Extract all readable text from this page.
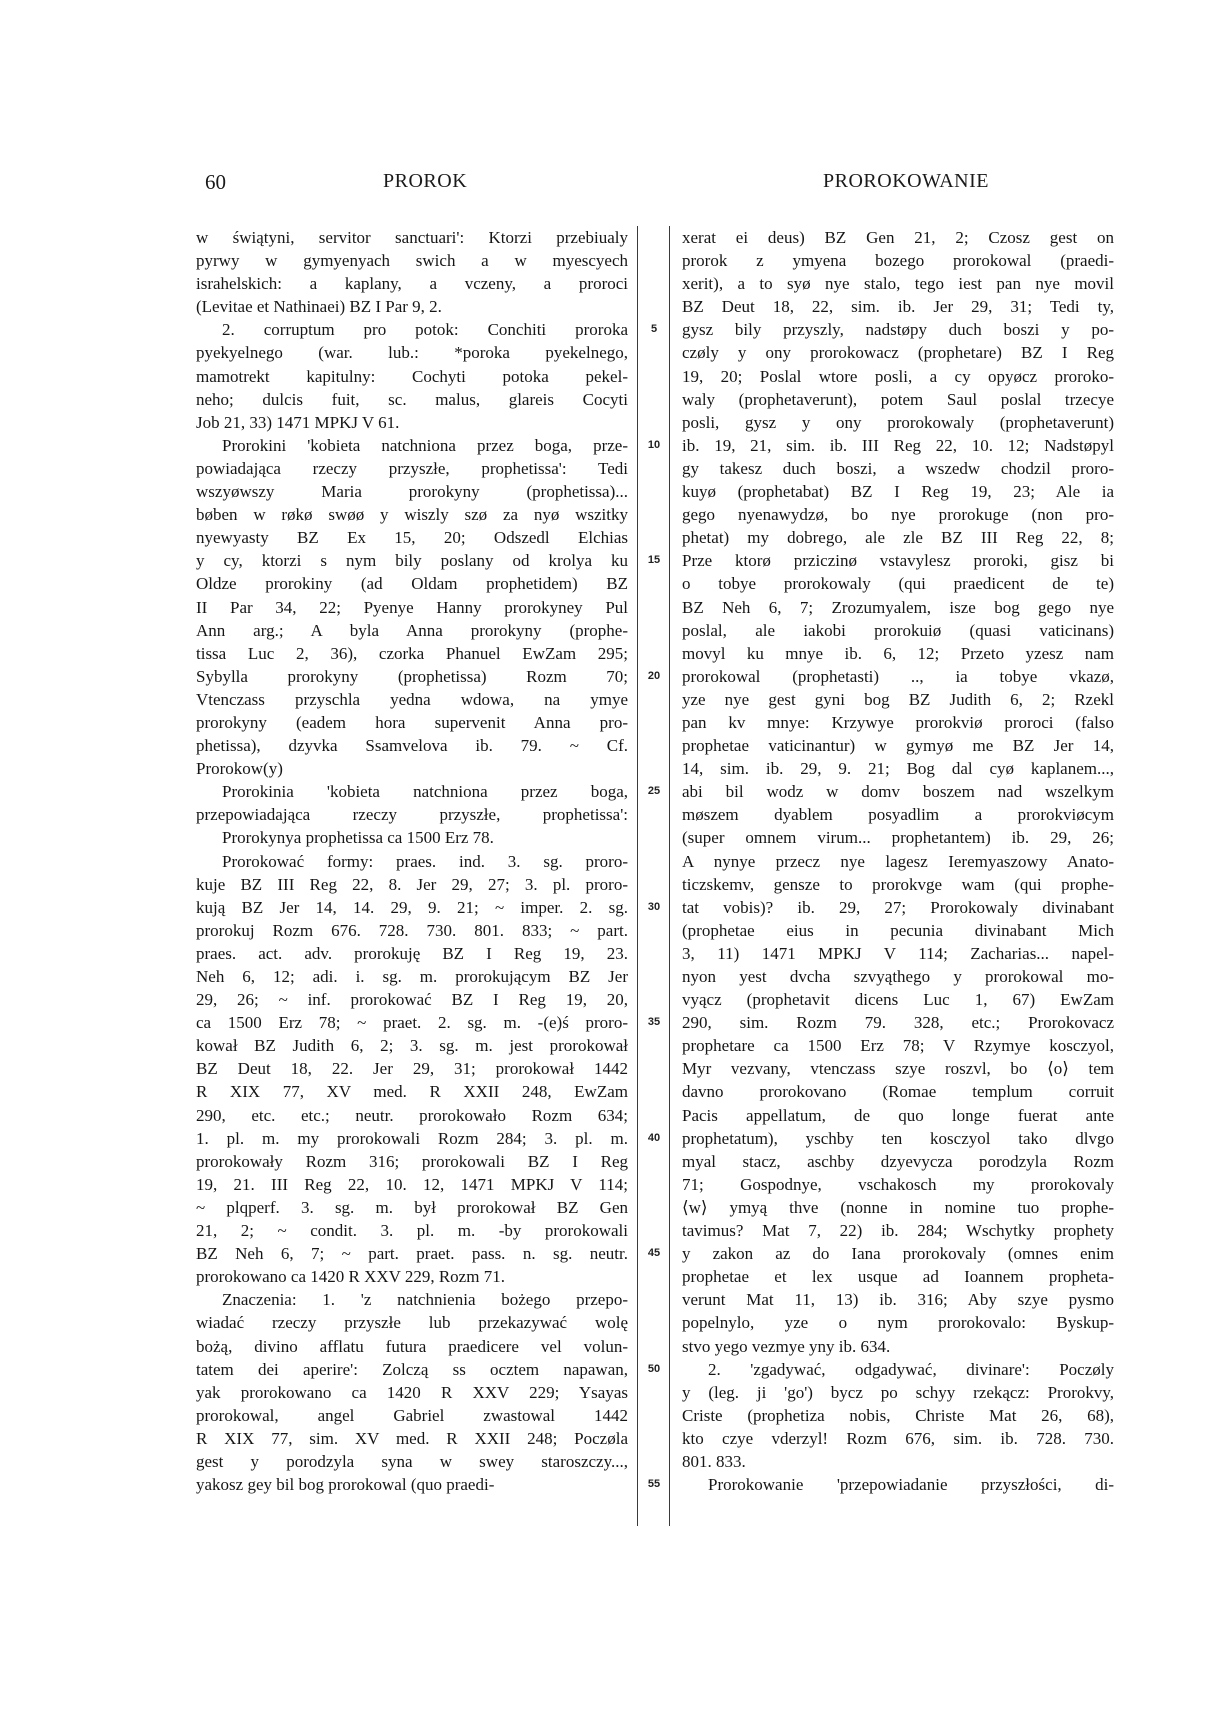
60	PROROK	PROROKOWANIE
w świątyni, servitor sanctuari': Ktorzi przebiualy
pyrwy w gymyenyach swich a w myescyech
israhelskich: a kaplany, a vczeny, a proroci
(Levitae et Nathinaei) BZ I Par 9, 2.
2. corruptum pro potok: Conchiti proroka
pyekyelnego (war. lub.: *poroka pyekelnego,
mamotrekt kapitulny: Cochyti potoka pekel-
neho; dulcis fuit, sc. malus, glareis Cocyti
Job 21, 33) 1471 MPKJ V 61.
Prorokini 'kobieta natchniona przez boga, prze-
powiadająca rzeczy przyszłe, prophetissa': Tedi
wszyøwszy Maria prorokyny (prophetissa)...
bøben w røkø swøø y wiszly szø za nyø wszitky
nyewyasty BZ Ex 15, 20; Odszedl Elchias
y cy, ktorzi s nym bily poslany od krolya ku
Oldze prorokiny (ad Oldam prophetidem) BZ
II Par 34, 22; Pyenye Hanny prorokyney Pul
Ann arg.; A byla Anna prorokyny (prophe-
tissa Luc 2, 36), czorka Phanuel EwZam 295;
Sybylla prorokyny (prophetissa) Rozm 70;
Vtenczass przyschla yedna wdowa, na ymye
prorokyny (eadem hora supervenit Anna pro-
phetissa), dzyvka Ssamvelova ib. 79. ~ Cf.
Prorokow(y)
Prorokinia 'kobieta natchniona przez boga,
przepowiadająca rzeczy przyszłe, prophetissa':
Prorokynya prophetissa ca 1500 Erz 78.
Prorokować formy: praes. ind. 3. sg. proro-
kuje BZ III Reg 22, 8. Jer 29, 27; 3. pl. proro-
kują BZ Jer 14, 14. 29, 9. 21; ~ imper. 2. sg.
prorokuj Rozm 676. 728. 730. 801. 833; ~ part.
praes. act. adv. prorokuję BZ I Reg 19, 23.
Neh 6, 12; adi. i. sg. m. prorokującym BZ Jer
29, 26; ~ inf. prorokować BZ I Reg 19, 20,
ca 1500 Erz 78; ~ praet. 2. sg. m. -(e)ś proro-
kował BZ Judith 6, 2; 3. sg. m. jest prorokował
BZ Deut 18, 22. Jer 29, 31; prorokował 1442
R XIX 77, XV med. R XXII 248, EwZam
290, etc. etc.; neutr. prorokowało Rozm 634;
1. pl. m. my prorokowali Rozm 284; 3. pl. m.
prorokowały Rozm 316; prorokowali BZ I Reg
19, 21. III Reg 22, 10. 12, 1471 MPKJ V 114;
~ plqperf. 3. sg. m. był prorokował BZ Gen
21, 2; ~ condit. 3. pl. m. -by prorokowali
BZ Neh 6, 7; ~ part. praet. pass. n. sg. neutr.
prorokowano ca 1420 R XXV 229, Rozm 71.
Znaczenia: 1. 'z natchnienia bożego przepo-
wiadać rzeczy przyszłe lub przekazywać wolę
bożą, divino afflatu futura praedicere vel volun-
tatem dei aperire': Zolczą ss ocztem napawan,
yak prorokowano ca 1420 R XXV 229; Ysayas
prorokowal, angel Gabriel zwastowal 1442
R XIX 77, sim. XV med. R XXII 248; Poczøla
gest y porodzyla syna w swey staroszczy...,
yakosz gey bil bog prorokowal (quo praedi-
5
10
15
20
25
30
35
40
45
50
55
xerat ei deus) BZ Gen 21, 2; Czosz gest on
prorok z ymyena bozego prorokowal (praedi-
xerit), a to syø nye stalo, tego iest pan nye movil
BZ Deut 18, 22, sim. ib. Jer 29, 31; Tedi ty,
gysz bily przyszly, nadstøpy duch boszi y po-
czøly y ony prorokowacz (prophetare) BZ I Reg
19, 20; Poslal wtore posli, a cy opyøcz proroko-
waly (prophetaverunt), potem Saul poslal trzecye
posli, gysz y ony prorokowaly (prophetaverunt)
ib. 19, 21, sim. ib. III Reg 22, 10. 12; Nadstøpyl
gy takesz duch boszi, a wszedw chodzil proro-
kuyø (prophetabat) BZ I Reg 19, 23; Ale ia
gego nyenawydzø, bo nye prorokuge (non pro-
phetat) my dobrego, ale zle BZ III Reg 22, 8;
Prze ktorø prziczinø vstavylesz proroki, gisz bi
o tobye prorokowaly (qui praedicent de te)
BZ Neh 6, 7; Zrozumyalem, isze bog gego nye
poslal, ale iakobi prorokuiø (quasi vaticinans)
movyl ku mnye ib. 6, 12; Przeto yzesz nam
prorokowal (prophetasti) .., ia tobye vkazø,
yze nye gest gyni bog BZ Judith 6, 2; Rzekl
pan kv mnye: Krzywye prorokviø proroci (falso
prophetae vaticinantur) w gymyø me BZ Jer 14,
14, sim. ib. 29, 9. 21; Bog dal cyø kaplanem...,
abi bil wodz w domv boszem nad wszelkym
møszem dyablem posyadlim a prorokviøcym
(super omnem virum... prophetantem) ib. 29, 26;
A nynye przecz nye lagesz Ieremyaszowy Anato-
ticzskemv, gensze to prorokvge wam (qui prophe-
tat vobis)? ib. 29, 27; Prorokowaly divinabant
(prophetae eius in pecunia divinabant Mich
3, 11) 1471 MPKJ V 114; Zacharias... napel-
nyon yest dvcha szvyąthego y prorokowal mo-
vyącz (prophetavit dicens Luc 1, 67) EwZam
290, sim. Rozm 79. 328, etc.; Prorokovacz
prophetare ca 1500 Erz 78; V Rzymye kosczyol,
Myr vezvany, vtenczass szye roszvl, bo ⟨o⟩ tem
davno prorokovano (Romae templum corruit
Pacis appellatum, de quo longe fuerat ante
prophetatum), yschby ten kosczyol tako dlvgo
myal stacz, aschby dzyevycza porodzyla Rozm
71; Gospodnye, vschakosch my prorokovaly
⟨w⟩ ymyą thve (nonne in nomine tuo prophe-
tavimus? Mat 7, 22) ib. 284; Wschytky prophety
y zakon az do Iana prorokovaly (omnes enim
prophetae et lex usque ad Ioannem propheta-
verunt Mat 11, 13) ib. 316; Aby szye pysmo
popelnylo, yze o nym prorokovalo: Byskup-
stvo yego vezmye yny ib. 634.
2. 'zgadywać, odgadywać, divinare': Poczøly
y (leg. ji 'go') bycz po schyy rzekącz: Prorokvy,
Criste (prophetiza nobis, Christe Mat 26, 68),
kto czye vderzyl! Rozm 676, sim. ib. 728. 730.
801. 833.
Prorokowanie 'przepowiadanie przyszłości, di-
